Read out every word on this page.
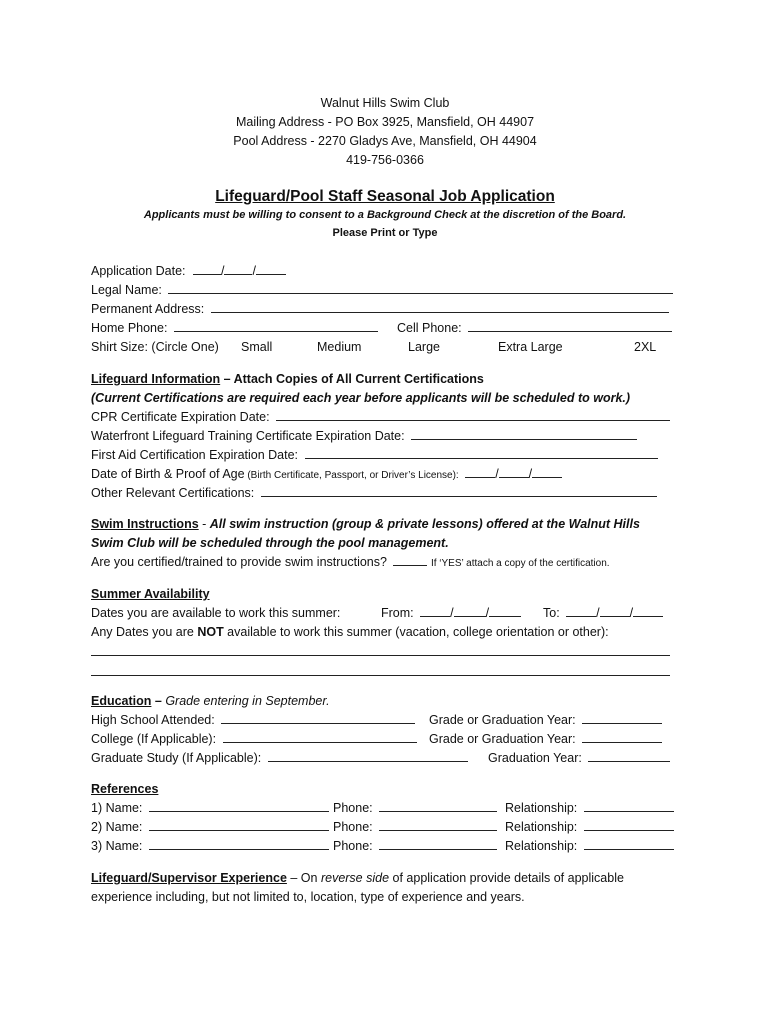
Walnut Hills Swim Club
Mailing Address - PO Box 3925, Mansfield, OH 44907
Pool Address - 2270 Gladys Ave, Mansfield, OH 44904
419-756-0366
Lifeguard/Pool Staff Seasonal Job Application
Applicants must be willing to consent to a Background Check at the discretion of the Board.
Please Print or Type
Application Date:	/ /
Legal Name:
Permanent Address:
Home Phone:	Cell Phone:
Shirt Size: (Circle One) Small	Medium	Large	Extra Large	2XL
Lifeguard Information – Attach Copies of All Current Certifications
(Current Certifications are required each year before applicants will be scheduled to work.)
CPR Certificate Expiration Date:
Waterfront Lifeguard Training Certificate Expiration Date:
First Aid Certification Expiration Date:
Date of Birth & Proof of Age (Birth Certificate, Passport, or Driver’s License):	/ /
Other Relevant Certifications:
Swim Instructions - All swim instruction (group & private lessons) offered at the Walnut Hills
Swim Club will be scheduled through the pool management.
Are you certified/trained to provide swim instructions?	If ‘YES’ attach a copy of the certification.
Summer Availability
Dates you are available to work this summer:	From:	/	/	To:	/ /
Any Dates you are NOT available to work this summer (vacation, college orientation or other):
Education – Grade entering in September.
High School Attended:	Grade or Graduation Year:
College (If Applicable):	Grade or Graduation Year:
Graduate Study (If Applicable):	Graduation Year:
References
1) Name:	Phone:	Relationship:
2) Name:	Phone:	Relationship:
3) Name:	Phone:	Relationship:
Lifeguard/Supervisor Experience – On reverse side of application provide details of applicable
experience including, but not limited to, location, type of experience and years.
